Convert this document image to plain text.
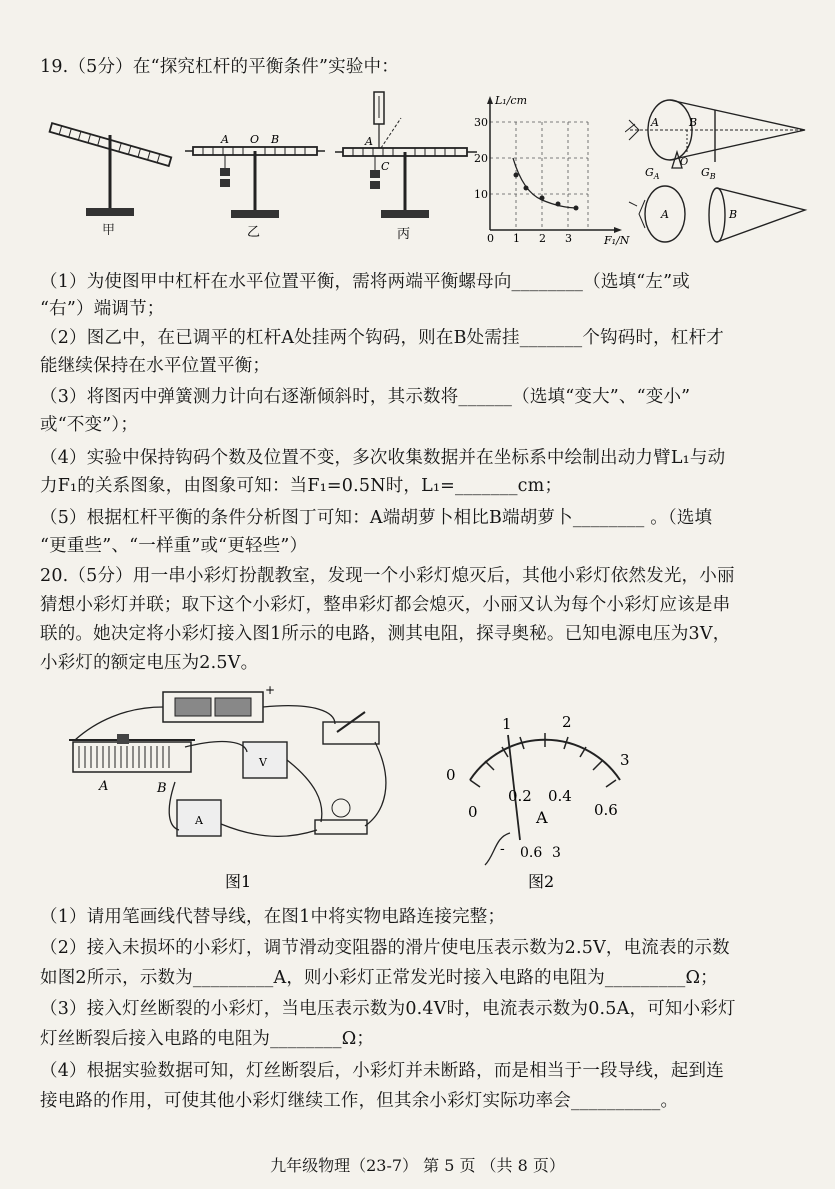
19.（5分）在“探究杠杆的平衡条件”实验中：
甲
A O B
乙
A
C
丙
L₁/cm
F₁/N
30
20
10
0 1 2 3
A	B
O
$G_A$	$G_B$
A	B
（1）为使图甲中杠杆在水平位置平衡，需将两端平衡螺母向________（选填“左”或
“右”）端调节；
（2）图乙中，在已调平的杠杆A处挂两个钩码，则在B处需挂_______个钩码时，杠杆才
能继续保持在水平位置平衡；
（3）将图丙中弹簧测力计向右逐渐倾斜时，其示数将______（选填“变大”、“变小”
或“不变”）；
（4）实验中保持钩码个数及位置不变，多次收集数据并在坐标系中绘制出动力臂L₁与动
力F₁的关系图象，由图象可知：当F₁=0.5N时，L₁=_______cm；
（5）根据杠杆平衡的条件分析图丁可知：A端胡萝卜相比B端胡萝卜________ 。（选填
“更重些”、“一样重”或“更轻些”）
20.（5分）用一串小彩灯扮靓教室，发现一个小彩灯熄灭后，其他小彩灯依然发光，小丽
猜想小彩灯并联；取下这个小彩灯，整串彩灯都会熄灭，小丽又认为每个小彩灯应该是串
联的。她决定将小彩灯接入图1所示的电路，测其电阻，探寻奥秘。已知电源电压为3V，
小彩灯的额定电压为2.5V。
+
A	B
V
A
图1
0
1	2
3
0
0.2 0.4
0.6
A
- 0.6 3
图2
（1）请用笔画线代替导线，在图1中将实物电路连接完整；
（2）接入未损坏的小彩灯，调节滑动变阻器的滑片使电压表示数为2.5V，电流表的示数
如图2所示，示数为_________A，则小彩灯正常发光时接入电路的电阻为_________Ω；
（3）接入灯丝断裂的小彩灯，当电压表示数为0.4V时，电流表示数为0.5A，可知小彩灯
灯丝断裂后接入电路的电阻为________Ω；
（4）根据实验数据可知，灯丝断裂后，小彩灯并未断路，而是相当于一段导线，起到连
接电路的作用，可使其他小彩灯继续工作，但其余小彩灯实际功率会__________。
九年级物理（23-7） 第 5 页 （共 8 页）
